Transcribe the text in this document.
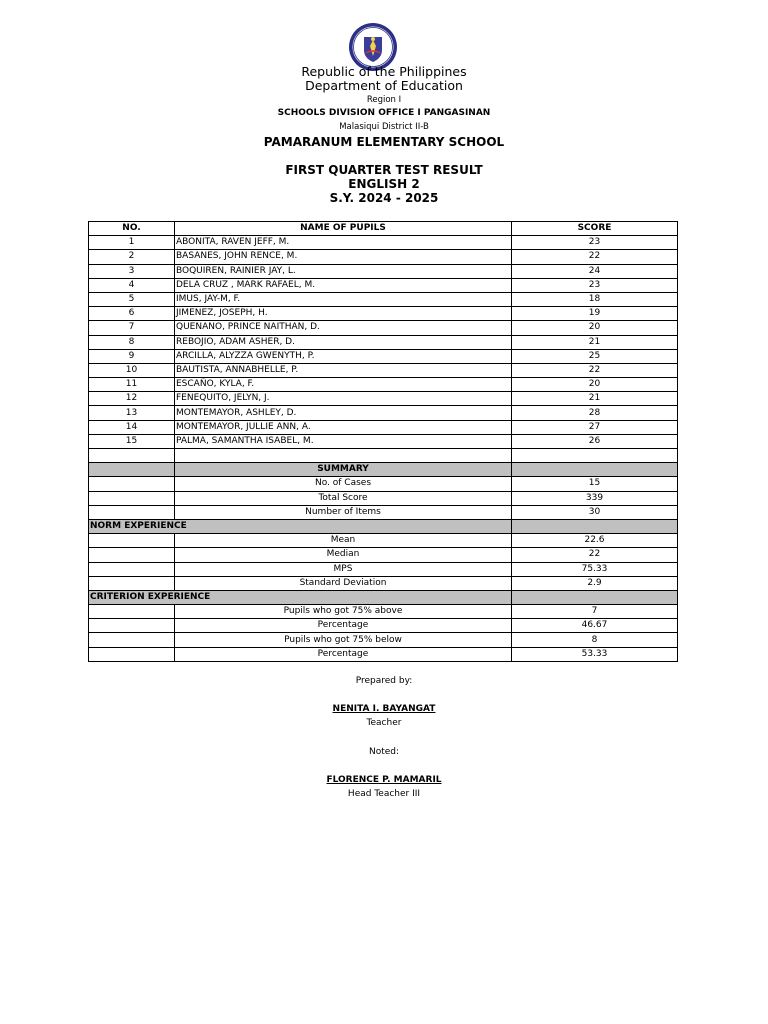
Republic of the Philippines
Department of Education
Region I
SCHOOLS DIVISION OFFICE I PANGASINAN
Malasiqui District II-B
PAMARANUM ELEMENTARY SCHOOL
FIRST QUARTER TEST RESULT
ENGLISH 2
S.Y. 2024 - 2025
NO.	NAME OF PUPILS	SCORE
1	ABONITA, RAVEN JEFF, M.	23
2	BASANES, JOHN RENCE, M.	22
3	BOQUIREN, RAINIER JAY, L.	24
4	DELA CRUZ , MARK RAFAEL, M.	23
5	IMUS, JAY-M, F.	18
6	JIMENEZ, JOSEPH, H.	19
7	QUENANO, PRINCE NAITHAN, D.	20
8	REBOJIO, ADAM ASHER, D.	21
9	ARCILLA, ALYZZA GWENYTH, P.	25
10	BAUTISTA, ANNABHELLE, P.	22
11	ESCAÑO, KYLA, F.	20
12	FENEQUITO, JELYN, J.	21
13	MONTEMAYOR, ASHLEY, D.	28
14	MONTEMAYOR, JULLIE ANN, A.	27
15	PALMA, SAMANTHA ISABEL, M.	26

	SUMMARY	
	No. of Cases	15
	Total Score	339
	Number of Items	30
NORM EXPERIENCE		
	Mean	22.6
	Median	22
	MPS	75.33
	Standard Deviation	2.9
CRITERION EXPERIENCE		
	Pupils who got 75% above	7
	Percentage	46.67
	Pupils who got 75% below	8
	Percentage	53.33
Prepared by:
NENITA I. BAYANGAT
Teacher
Noted:
FLORENCE P. MAMARIL
Head Teacher III
